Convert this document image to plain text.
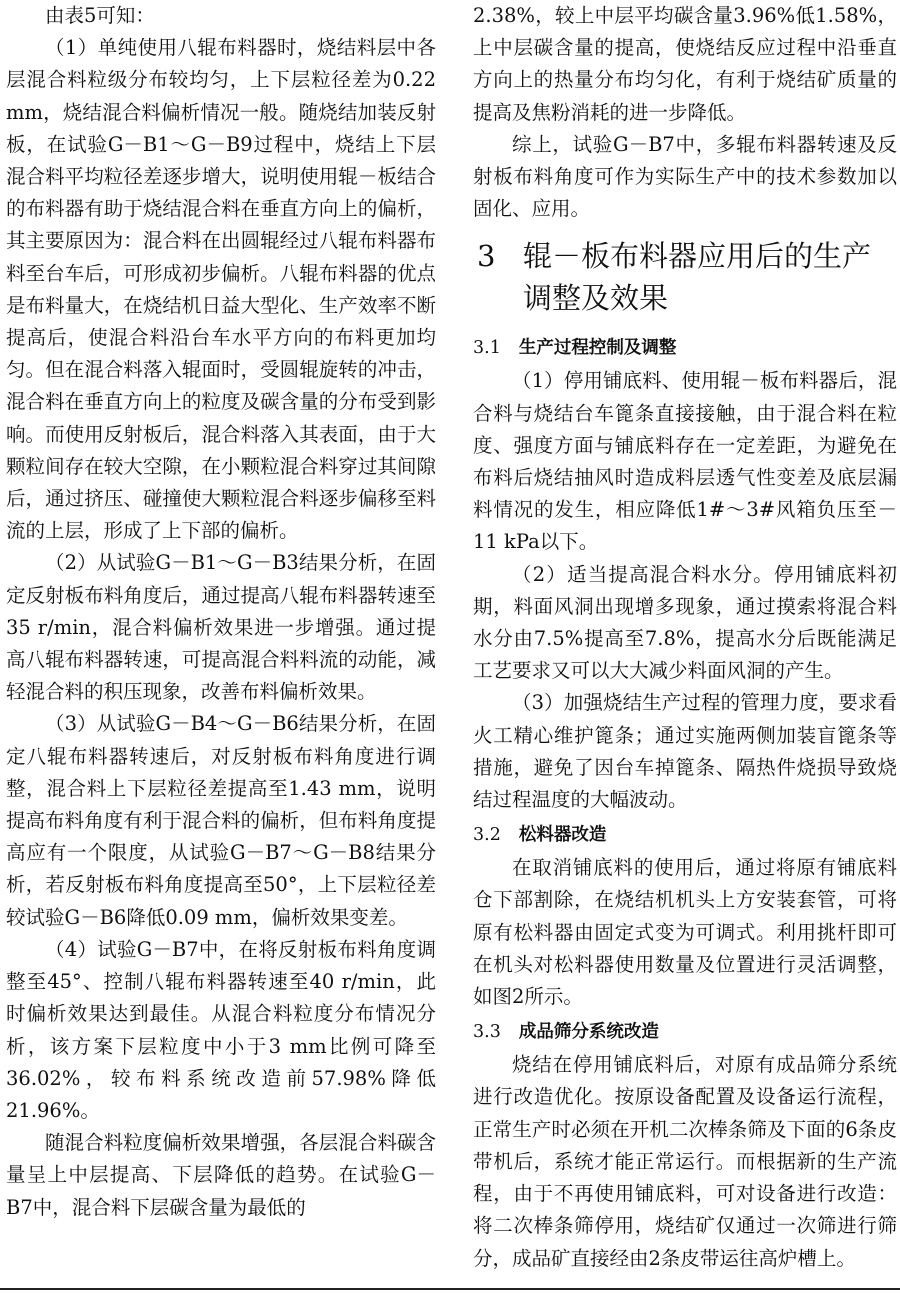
由表5可知：

（1）单纯使用八辊布料器时，烧结料层中各层混合料粒级分布较均匀，上下层粒径差为0.22 mm，烧结混合料偏析情况一般。随烧结加装反射板，在试验G－B1～G－B9过程中，烧结上下层混合料平均粒径差逐步增大，说明使用辊－板结合的布料器有助于烧结混合料在垂直方向上的偏析，其主要原因为：混合料在出圆辊经过八辊布料器布料至台车后，可形成初步偏析。八辊布料器的优点是布料量大，在烧结机日益大型化、生产效率不断提高后，使混合料沿台车水平方向的布料更加均匀。但在混合料落入辊面时，受圆辊旋转的冲击，混合料在垂直方向上的粒度及碳含量的分布受到影响。而使用反射板后，混合料落入其表面，由于大颗粒间存在较大空隙，在小颗粒混合料穿过其间隙后，通过挤压、碰撞使大颗粒混合料逐步偏移至料流的上层，形成了上下部的偏析。

（2）从试验G－B1～G－B3结果分析，在固定反射板布料角度后，通过提高八辊布料器转速至35 r/min，混合料偏析效果进一步增强。通过提高八辊布料器转速，可提高混合料料流的动能，减轻混合料的积压现象，改善布料偏析效果。

（3）从试验G－B4～G－B6结果分析，在固定八辊布料器转速后，对反射板布料角度进行调整，混合料上下层粒径差提高至1.43 mm，说明提高布料角度有利于混合料的偏析，但布料角度提高应有一个限度，从试验G－B7～G－B8结果分析，若反射板布料角度提高至50°，上下层粒径差较试验G－B6降低0.09 mm，偏析效果变差。

（4）试验G－B7中，在将反射板布料角度调整至45°、控制八辊布料器转速至40 r/min，此时偏析效果达到最佳。从混合料粒度分布情况分析，该方案下层粒度中小于3 mm比例可降至36.02%，较布料系统改造前57.98%降低21.96%。

随混合料粒度偏析效果增强，各层混合料碳含量呈上中层提高、下层降低的趋势。在试验G－B7中，混合料下层碳含量为最低的

2.38%，较上中层平均碳含量3.96%低1.58%，上中层碳含量的提高，使烧结反应过程中沿垂直方向上的热量分布均匀化，有利于烧结矿质量的提高及焦粉消耗的进一步降低。

综上，试验G－B7中，多辊布料器转速及反射板布料角度可作为实际生产中的技术参数加以固化、应用。

3 辊－板布料器应用后的生产调整及效果
3.1 生产过程控制及调整

（1）停用铺底料、使用辊－板布料器后，混合料与烧结台车篦条直接接触，由于混合料在粒度、强度方面与铺底料存在一定差距，为避免在布料后烧结抽风时造成料层透气性变差及底层漏料情况的发生，相应降低1#～3#风箱负压至－11 kPa以下。

（2）适当提高混合料水分。停用铺底料初期，料面风洞出现增多现象，通过摸索将混合料水分由7.5%提高至7.8%，提高水分后既能满足工艺要求又可以大大减少料面风洞的产生。

（3）加强烧结生产过程的管理力度，要求看火工精心维护篦条；通过实施两侧加装盲篦条等措施，避免了因台车掉篦条、隔热件烧损导致烧结过程温度的大幅波动。

3.2 松料器改造

在取消铺底料的使用后，通过将原有铺底料仓下部割除，在烧结机机头上方安装套管，可将原有松料器由固定式变为可调式。利用挑杆即可在机头对松料器使用数量及位置进行灵活调整，如图2所示。

3.3 成品筛分系统改造

烧结在停用铺底料后，对原有成品筛分系统进行改造优化。按原设备配置及设备运行流程，正常生产时必须在开机二次棒条筛及下面的6条皮带机后，系统才能正常运行。而根据新的生产流程，由于不再使用铺底料，可对设备进行改造：将二次棒条筛停用，烧结矿仅通过一次筛进行筛分，成品矿直接经由2条皮带运往高炉槽上。
